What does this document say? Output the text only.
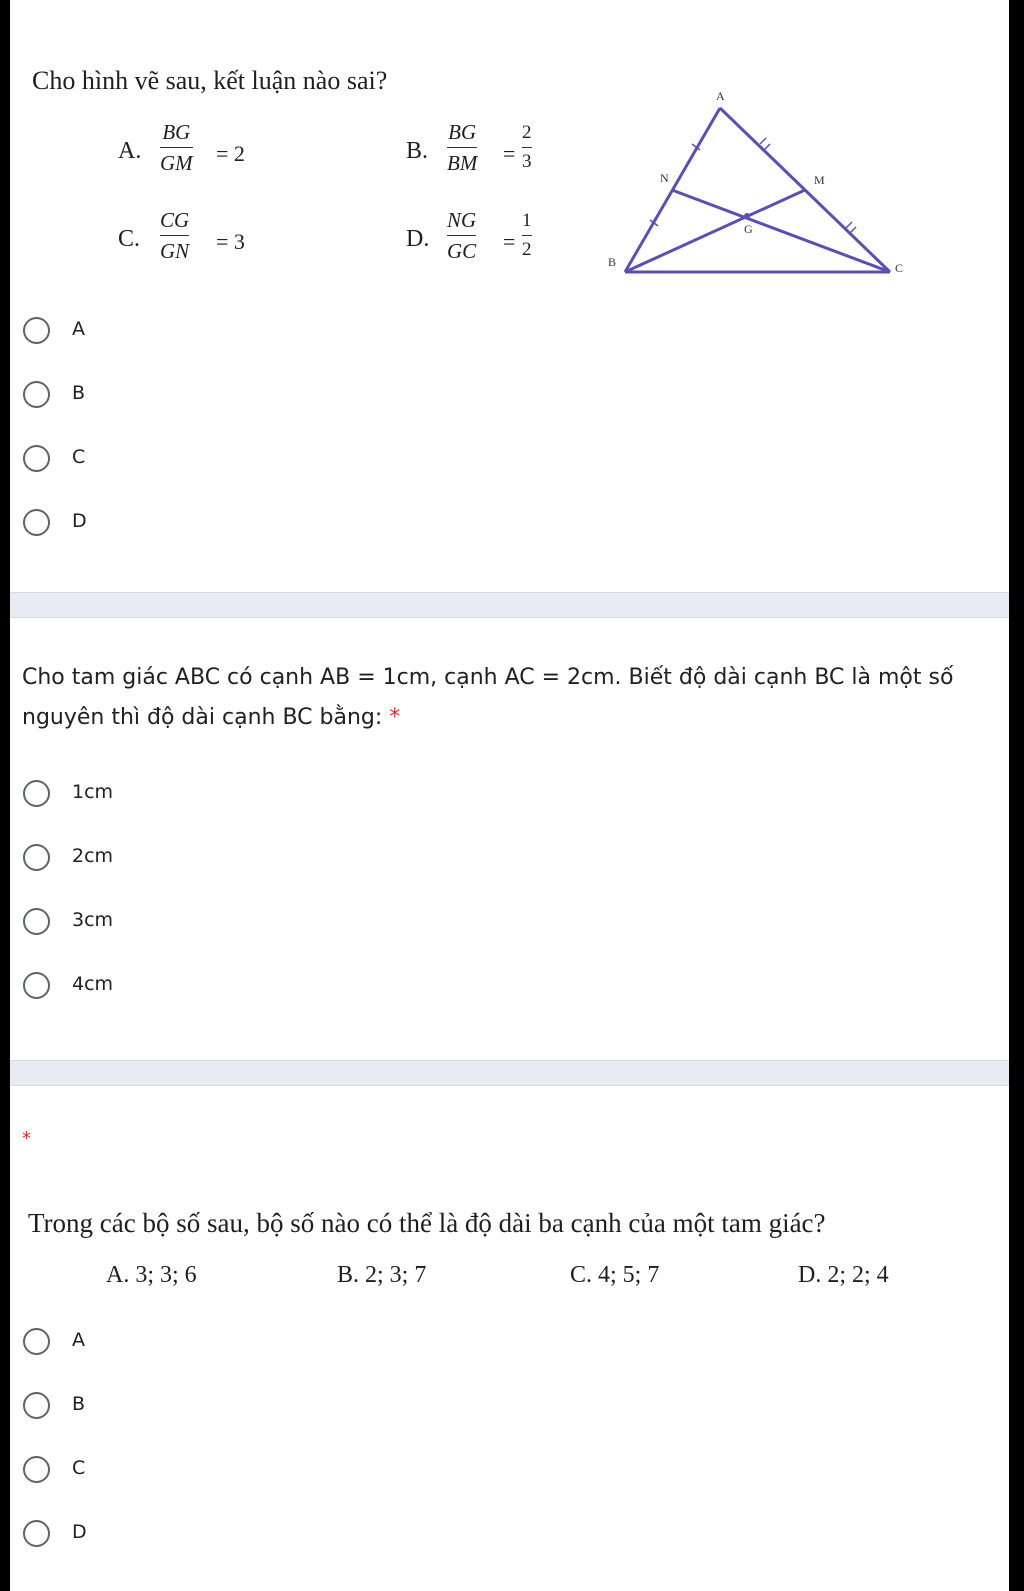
Cho hình vẽ sau, kết luận nào sai?
A.
BG
GM = 2	B.
BG
BM =
2
3
C.
CG
GN = 3	D.
NG
GC =
1
2
A
B	C
M
N
G
A
B
C
D
Cho tam giác ABC có cạnh AB = 1cm, cạnh AC = 2cm. Biết độ dài cạnh BC là một số nguyên thì độ dài cạnh BC bằng: *
1cm
2cm
3cm
4cm
*
Trong các bộ số sau, bộ số nào có thể là độ dài ba cạnh của một tam giác?
A. 3; 3; 6	B. 2; 3; 7	C. 4; 5; 7	D. 2; 2; 4
A
B
C
D
